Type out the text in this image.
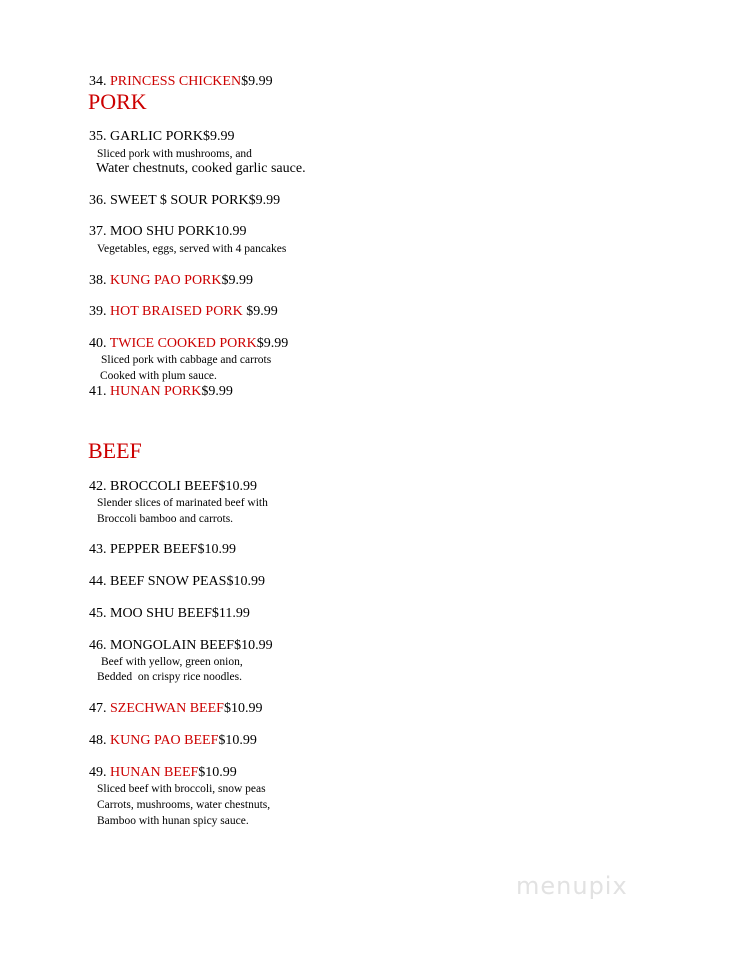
34. PRINCESS CHICKEN$9.99
PORK
35. GARLIC PORK$9.99
Sliced pork with mushrooms, and
Water chestnuts, cooked garlic sauce.
36. SWEET $ SOUR PORK$9.99
37. MOO SHU PORK10.99
Vegetables, eggs, served with 4 pancakes
38. KUNG PAO PORK$9.99
39. HOT BRAISED PORK $9.99
40. TWICE COOKED PORK$9.99
Sliced pork with cabbage and carrots
Cooked with plum sauce.
41. HUNAN PORK$9.99
BEEF
42. BROCCOLI BEEF$10.99
Slender slices of marinated beef with
Broccoli bamboo and carrots.
43. PEPPER BEEF$10.99
44. BEEF SNOW PEAS$10.99
45. MOO SHU BEEF$11.99
46. MONGOLAIN BEEF$10.99
Beef with yellow, green onion,
Bedded  on crispy rice noodles.
47. SZECHWAN BEEF$10.99
48. KUNG PAO BEEF$10.99
49. HUNAN BEEF$10.99
Sliced beef with broccoli, snow peas
Carrots, mushrooms, water chestnuts,
Bamboo with hunan spicy sauce.
menupix
